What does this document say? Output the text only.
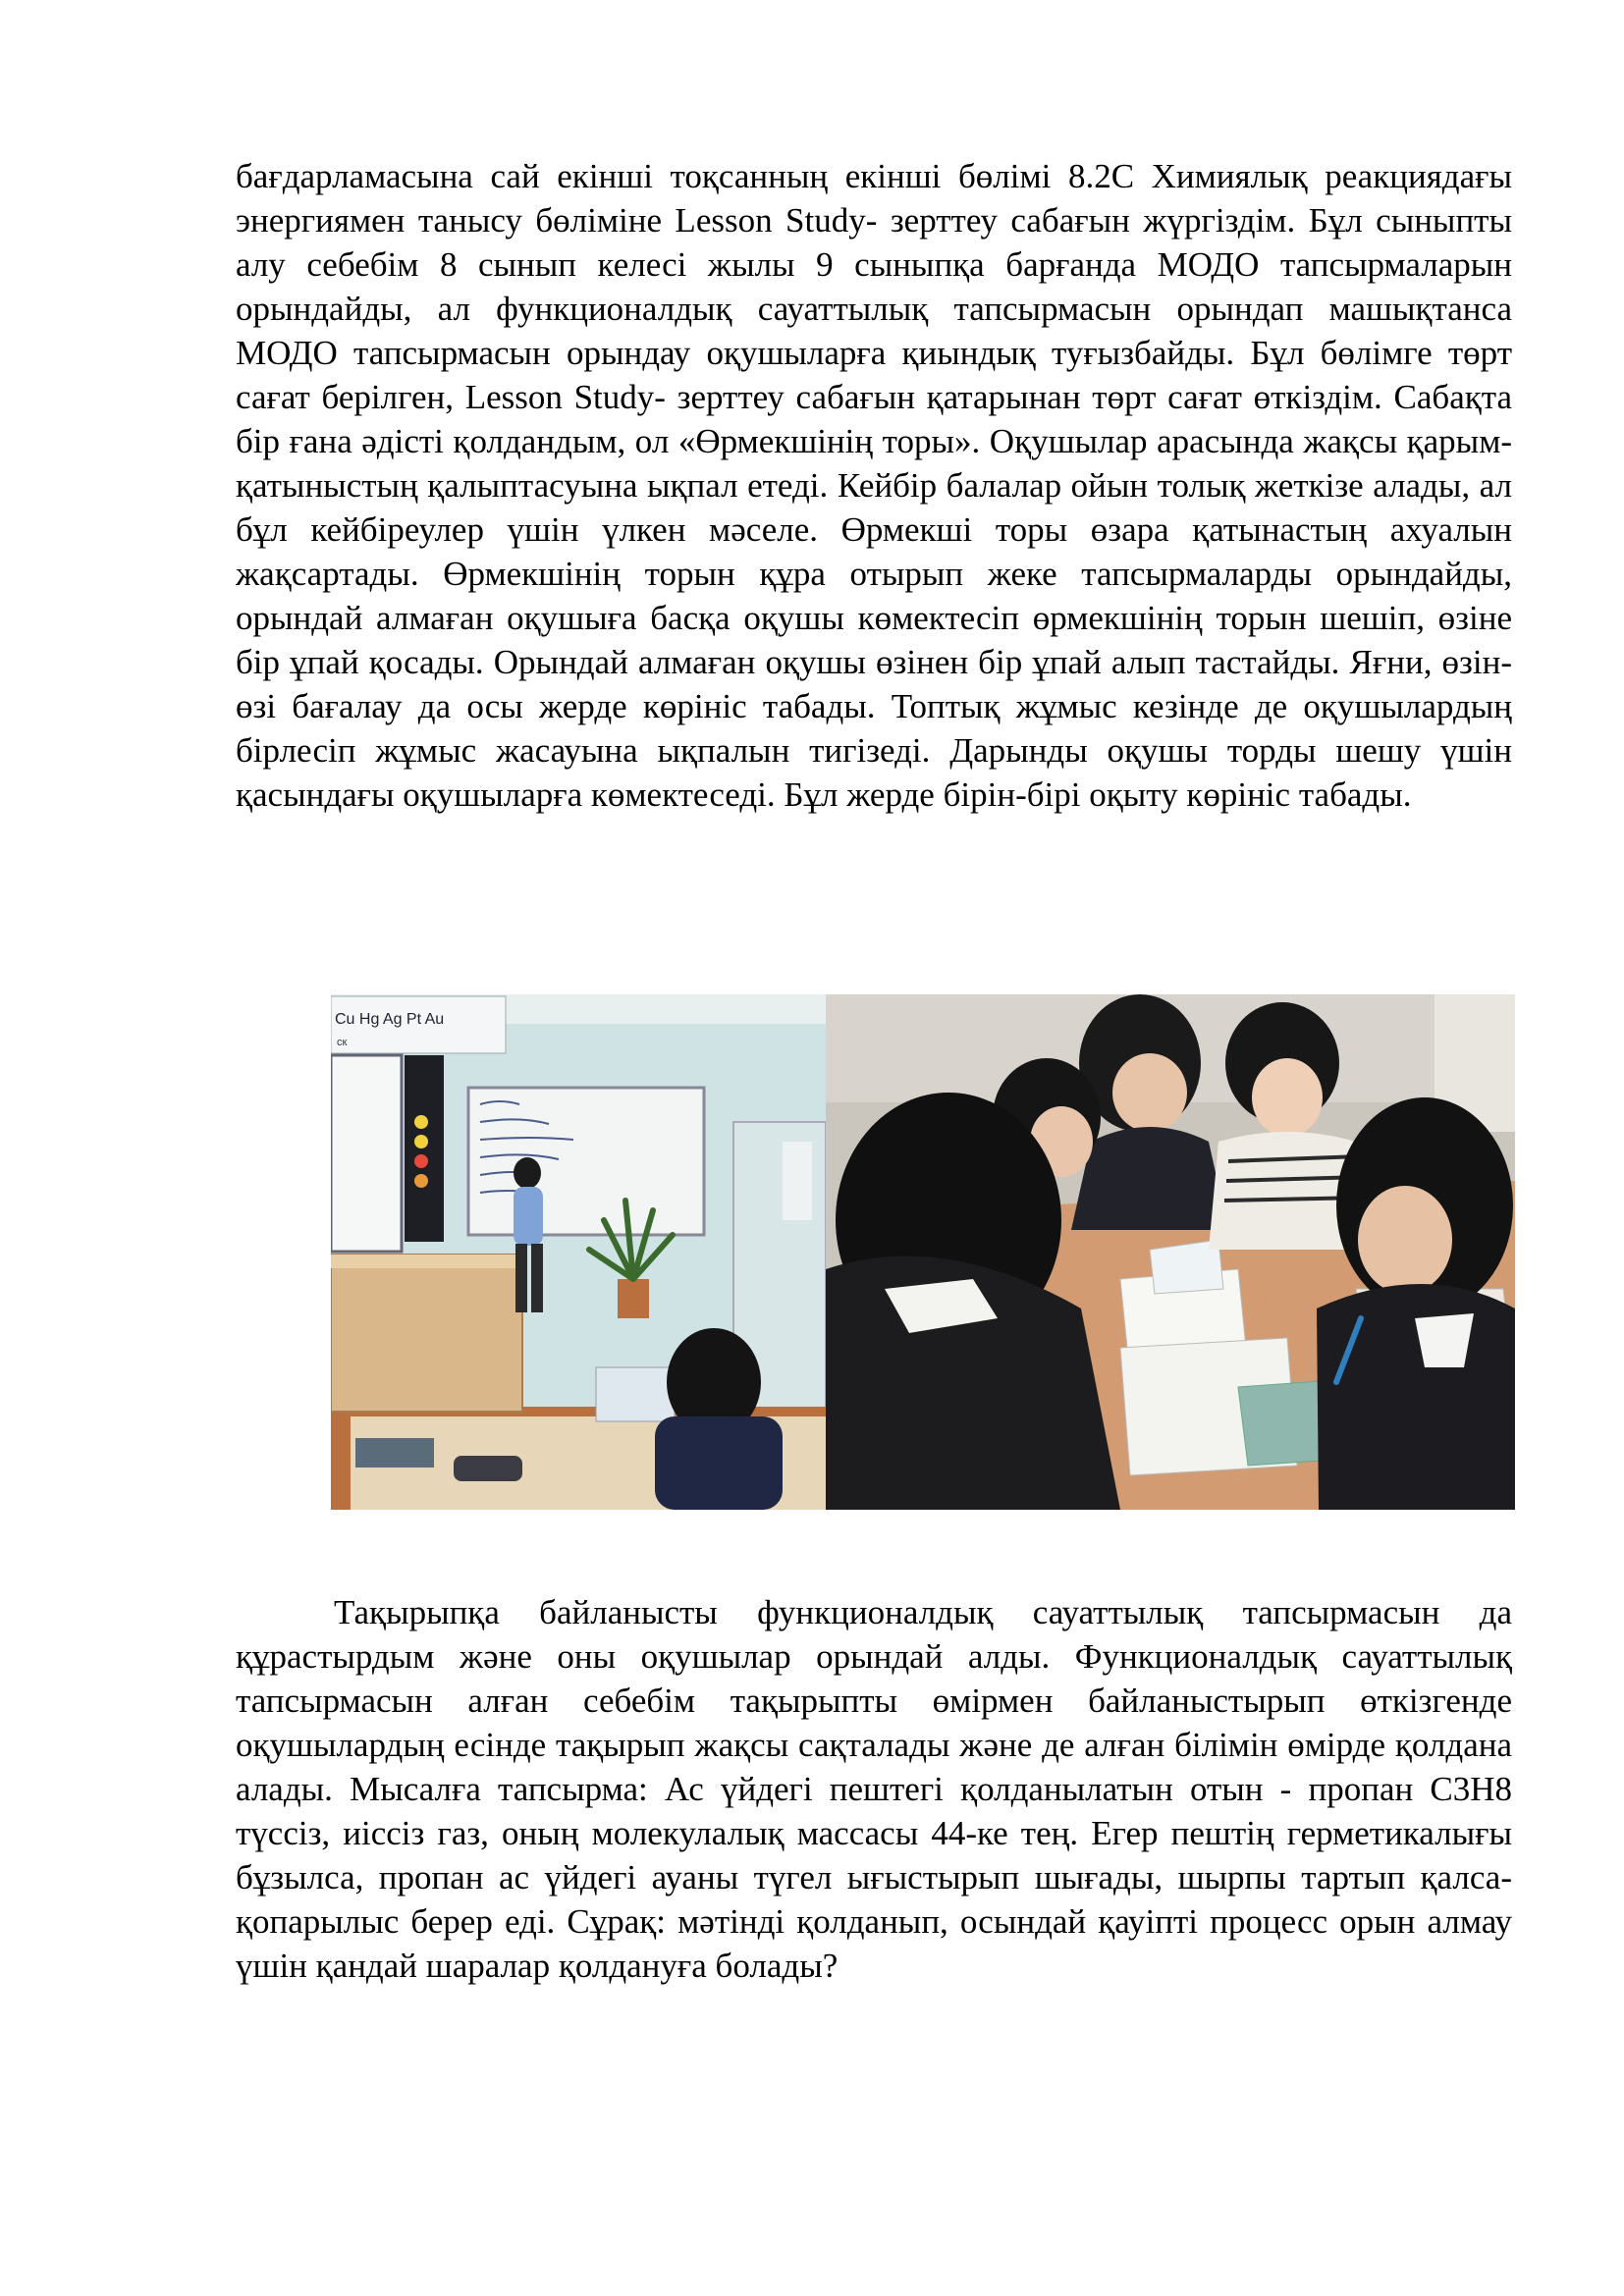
бағдарламасына сай екінші тоқсанның екінші бөлімі 8.2С Химиялық реакциядағы энергиямен танысу бөліміне Lesson Study- зерттеу сабағын жүргіздім. Бұл сыныпты алу себебім 8 сынып келесі жылы 9 сыныпқа барғанда МОДО тапсырмаларын орындайды, ал функционалдық сауаттылық тапсырмасын орындап машықтанса МОДО тапсырмасын орындау оқушыларға қиындық туғызбайды. Бұл бөлімге төрт сағат берілген, Lesson Study- зерттеу сабағын қатарынан төрт сағат өткіздім. Сабақта бір ғана әдісті қолдандым, ол «Өрмекшінің торы». Оқушылар арасында жақсы қарым-қатыныстың қалыптасуына ықпал етеді. Кейбір балалар ойын толық жеткізе алады, ал бұл кейбіреулер үшін үлкен мәселе. Өрмекші торы өзара қатынастың ахуалын жақсартады. Өрмекшінің торын құра отырып жеке тапсырмаларды орындайды, орындай алмаған оқушыға басқа оқушы көмектесіп өрмекшінің торын шешіп, өзіне бір ұпай қосады. Орындай алмаған оқушы өзінен бір ұпай алып тастайды. Яғни, өзін-өзі бағалау да осы жерде көрініс табады. Топтық жұмыс кезінде де оқушылардың бірлесіп жұмыс жасауына ықпалын тигізеді. Дарынды оқушы торды шешу үшін қасындағы оқушыларға көмектеседі. Бұл жерде бірін-бірі оқыту көрініс табады.

Cu Hg Ag Pt Au
ск

Тақырыпқа байланысты функционалдық сауаттылық тапсырмасын да құрастырдым және оны оқушылар орындай алды. Функционалдық сауаттылық тапсырмасын алған себебім тақырыпты өмірмен байланыстырып өткізгенде оқушылардың есінде тақырып жақсы сақталады және де алған білімін өмірде қолдана алады. Мысалға тапсырма: Ас үйдегі пештегі қолданылатын отын - пропан С3Н8 түссіз, иіссіз газ, оның молекулалық массасы 44-ке тең. Егер пештің герметикалығы бұзылса, пропан ас үйдегі ауаны түгел ығыстырып шығады, шырпы тартып қалса- қопарылыс берер еді. Сұрақ: мәтінді қолданып, осындай қауіпті процесс орын алмау үшін қандай шаралар қолдануға болады?
